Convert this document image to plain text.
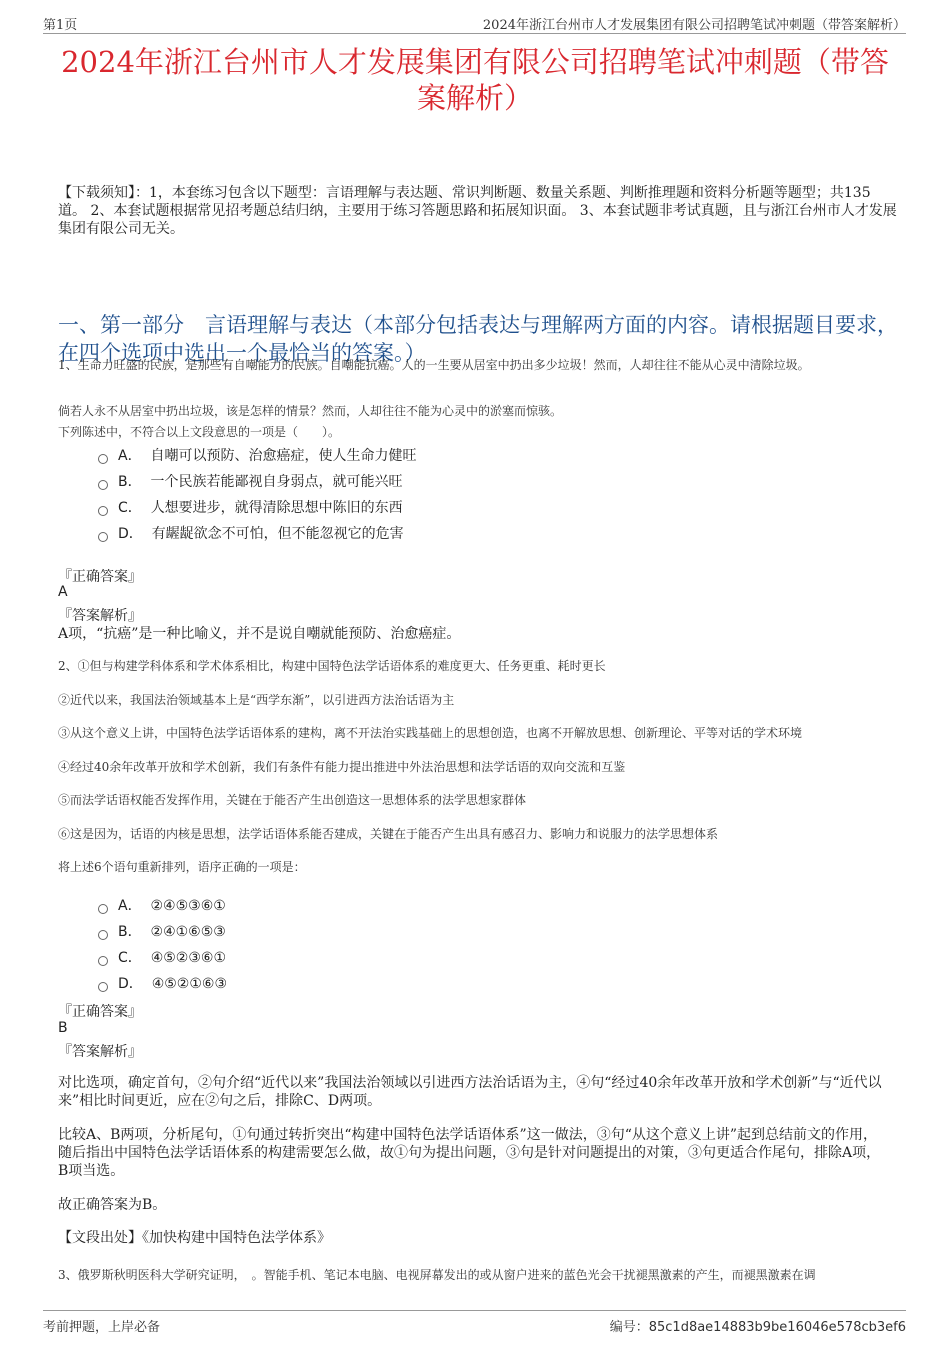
第1页	2024年浙江台州市人才发展集团有限公司招聘笔试冲刺题（带答案解析）
2024年浙江台州市人才发展集团有限公司招聘笔试冲刺题（带答案解析）
【下载须知】：1，本套练习包含以下题型：言语理解与表达题、常识判断题、数量关系题、判断推理题和资料分析题等题型；共135道。 2、本套试题根据常见招考题总结归纳，主要用于练习答题思路和拓展知识面。 3、本套试题非考试真题，且与浙江台州市人才发展集团有限公司无关。
一、第一部分　言语理解与表达（本部分包括表达与理解两方面的内容。请根据题目要求，在四个选项中选出一个最恰当的答案。）
1、生命力旺盛的民族，是那些有自嘲能力的民族。自嘲能抗癌。人的一生要从居室中扔出多少垃圾！然而，人却往往不能从心灵中清除垃圾。
倘若人永不从居室中扔出垃圾，该是怎样的情景？然而，人却往往不能为心灵中的淤塞而惊骇。
下列陈述中，不符合以上文段意思的一项是（　　）。
A． 自嘲可以预防、治愈癌症，使人生命力健旺
B． 一个民族若能鄙视自身弱点，就可能兴旺
C． 人想要进步，就得清除思想中陈旧的东西
D． 有龌龊欲念不可怕，但不能忽视它的危害
『正确答案』
A
『答案解析』
A项，“抗癌”是一种比喻义，并不是说自嘲就能预防、治愈癌症。
2、①但与构建学科体系和学术体系相比，构建中国特色法学话语体系的难度更大、任务更重、耗时更长
②近代以来，我国法治领域基本上是“西学东渐”，以引进西方法治话语为主
③从这个意义上讲，中国特色法学话语体系的建构，离不开法治实践基础上的思想创造，也离不开解放思想、创新理论、平等对话的学术环境
④经过40余年改革开放和学术创新，我们有条件有能力提出推进中外法治思想和法学话语的双向交流和互鉴
⑤而法学话语权能否发挥作用，关键在于能否产生出创造这一思想体系的法学思想家群体
⑥这是因为，话语的内核是思想，法学话语体系能否建成，关键在于能否产生出具有感召力、影响力和说服力的法学思想体系
将上述6个语句重新排列，语序正确的一项是：
A． ②④⑤③⑥①
B． ②④①⑥⑤③
C． ④⑤②③⑥①
D． ④⑤②①⑥③
『正确答案』
B
『答案解析』
对比选项，确定首句，②句介绍“近代以来”我国法治领域以引进西方法治话语为主，④句“经过40余年改革开放和学术创新”与“近代以来”相比时间更近，应在②句之后，排除C、D两项。
比较A、B两项，分析尾句，①句通过转折突出“构建中国特色法学话语体系”这一做法，③句“从这个意义上讲”起到总结前文的作用，随后指出中国特色法学话语体系的构建需要怎么做，故①句为提出问题，③句是针对问题提出的对策，③句更适合作尾句，排除A项，B项当选。
故正确答案为B。
【文段出处】《加快构建中国特色法学体系》
3、俄罗斯秋明医科大学研究证明，　。智能手机、笔记本电脑、电视屏幕发出的或从窗户进来的蓝色光会干扰褪黑激素的产生，而褪黑激素在调
考前押题，上岸必备	编号：85c1d8ae14883b9be16046e578cb3ef6
